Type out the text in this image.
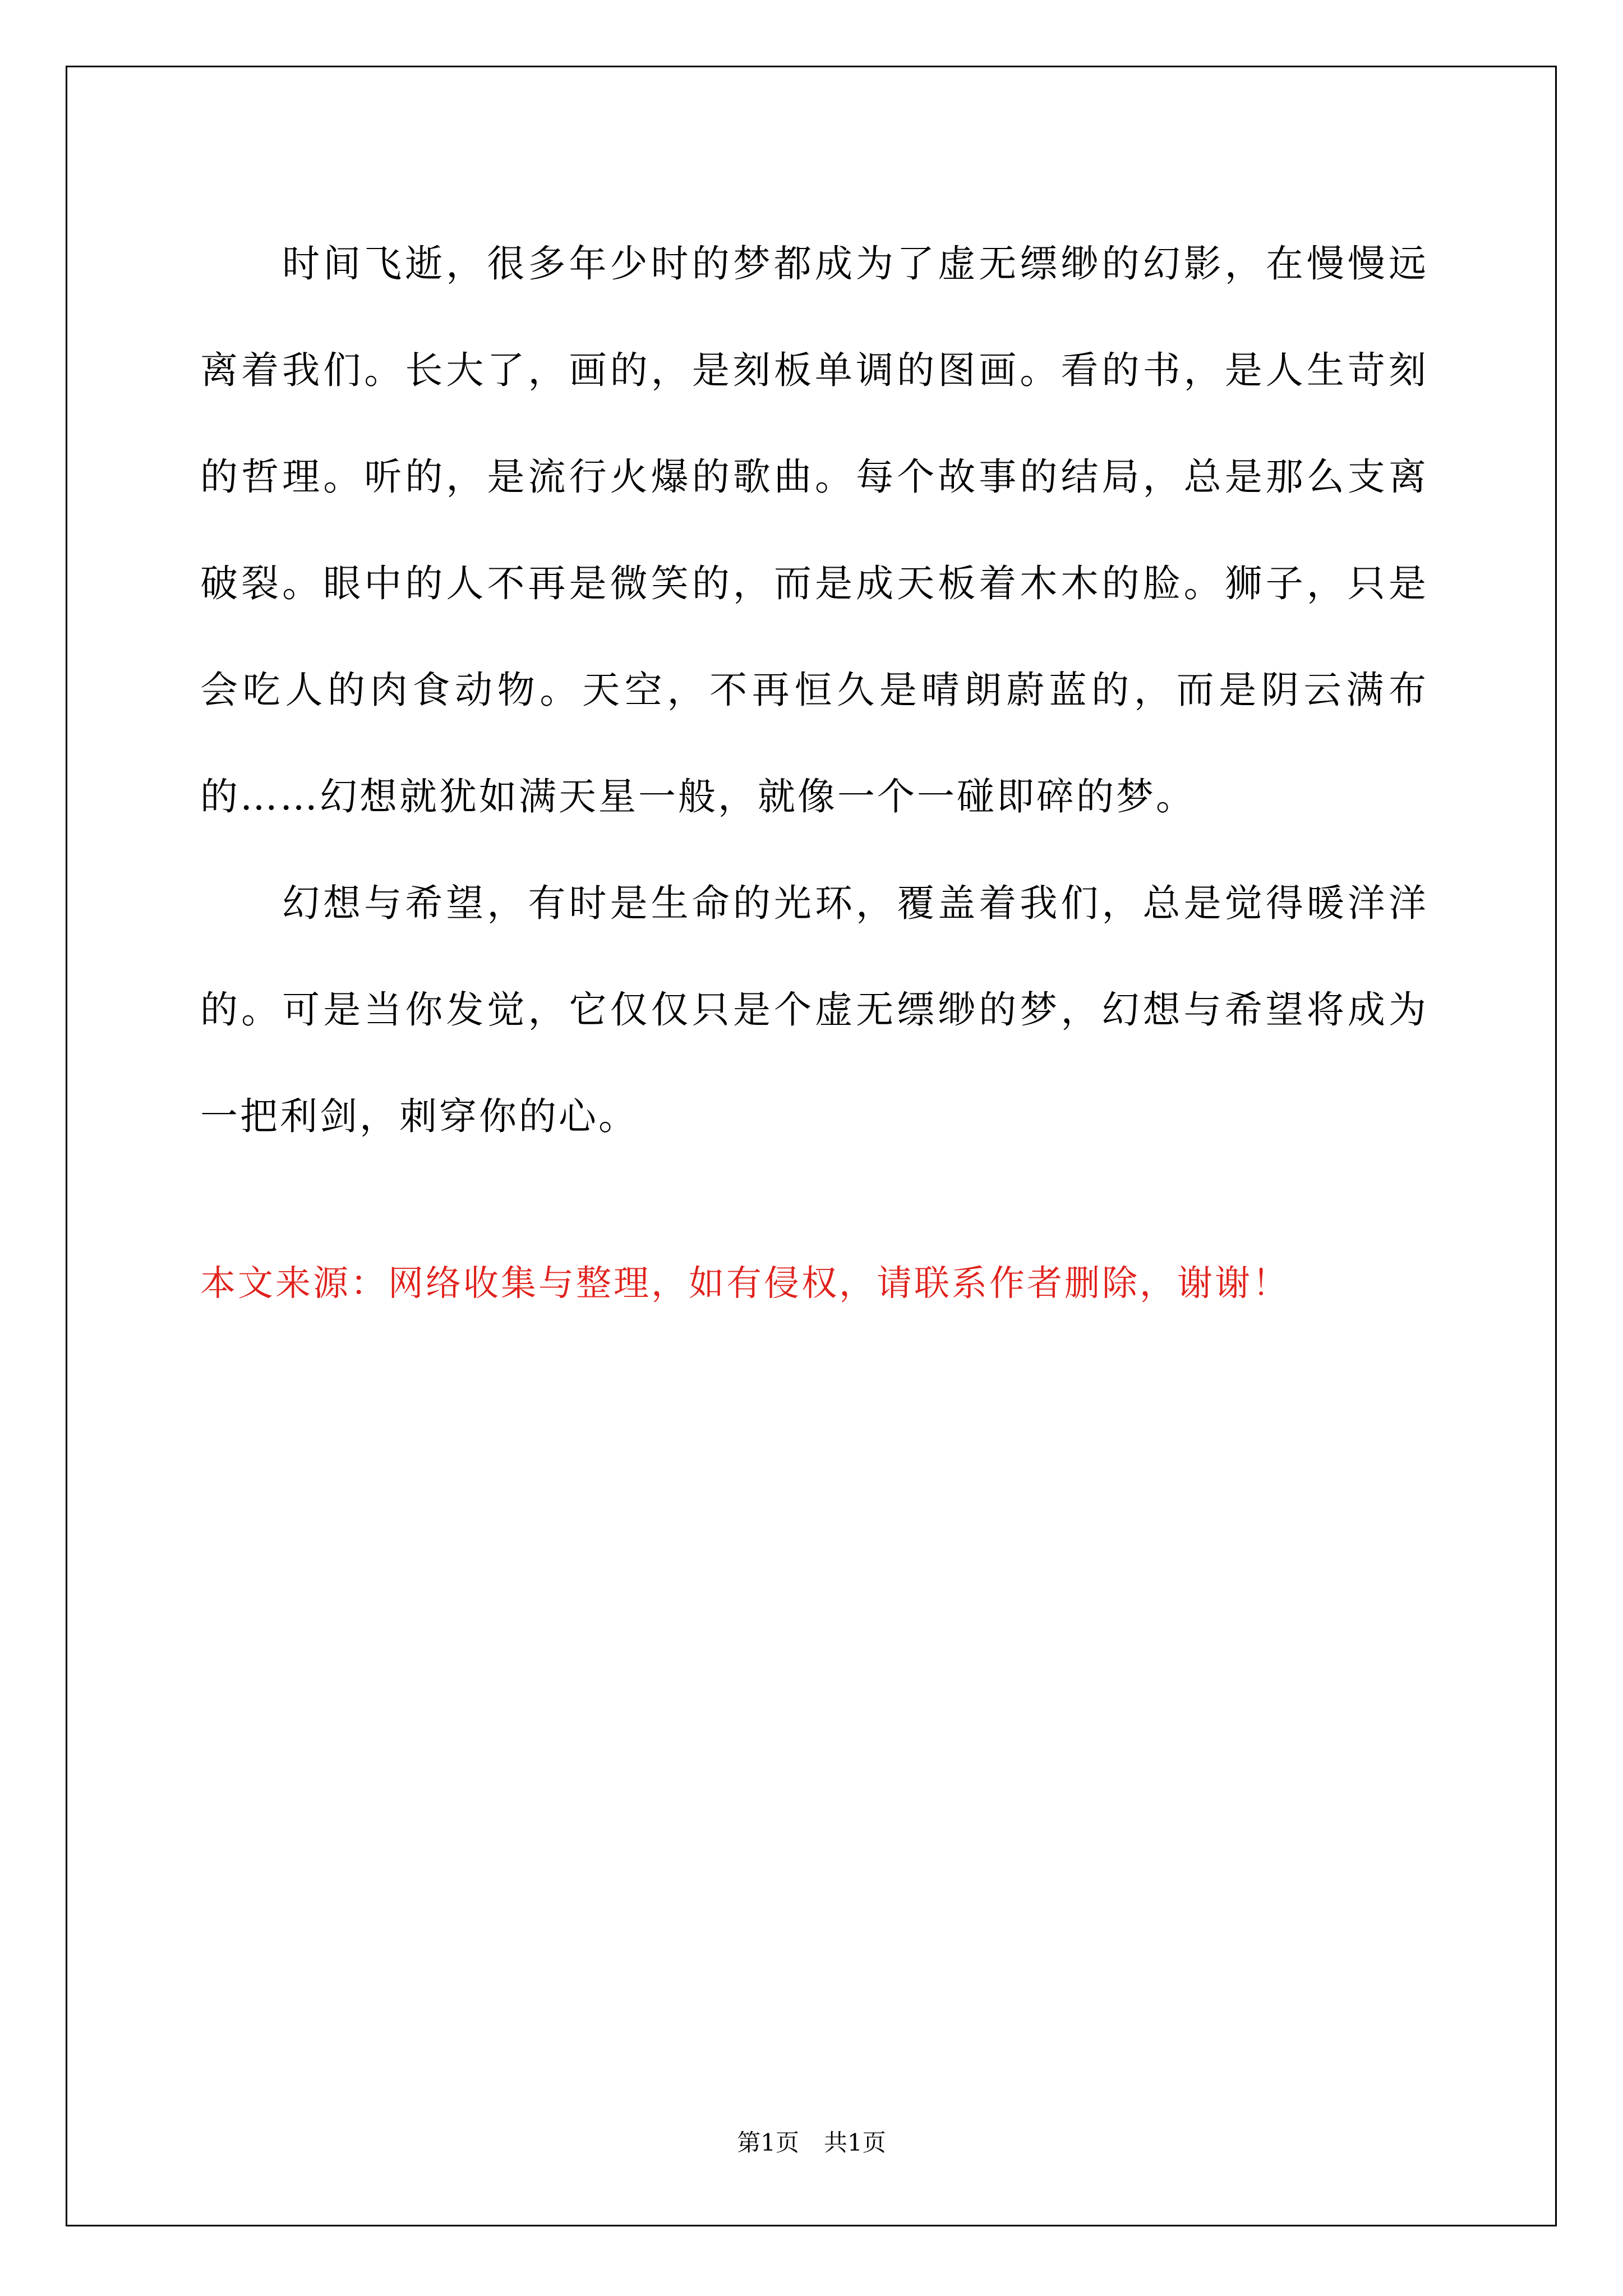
时间飞逝，很多年少时的梦都成为了虚无缥缈的幻影，在慢慢远离着我们。长大了，画的，是刻板单调的图画。看的书，是人生苛刻的哲理。听的，是流行火爆的歌曲。每个故事的结局，总是那么支离破裂。眼中的人不再是微笑的，而是成天板着木木的脸。狮子，只是会吃人的肉食动物。天空，不再恒久是晴朗蔚蓝的，而是阴云满布的……幻想就犹如满天星一般，就像一个一碰即碎的梦。

幻想与希望，有时是生命的光环，覆盖着我们，总是觉得暖洋洋的。可是当你发觉，它仅仅只是个虚无缥缈的梦，幻想与希望将成为一把利剑，刺穿你的心。

本文来源：网络收集与整理，如有侵权，请联系作者删除，谢谢！

第1页 共1页
